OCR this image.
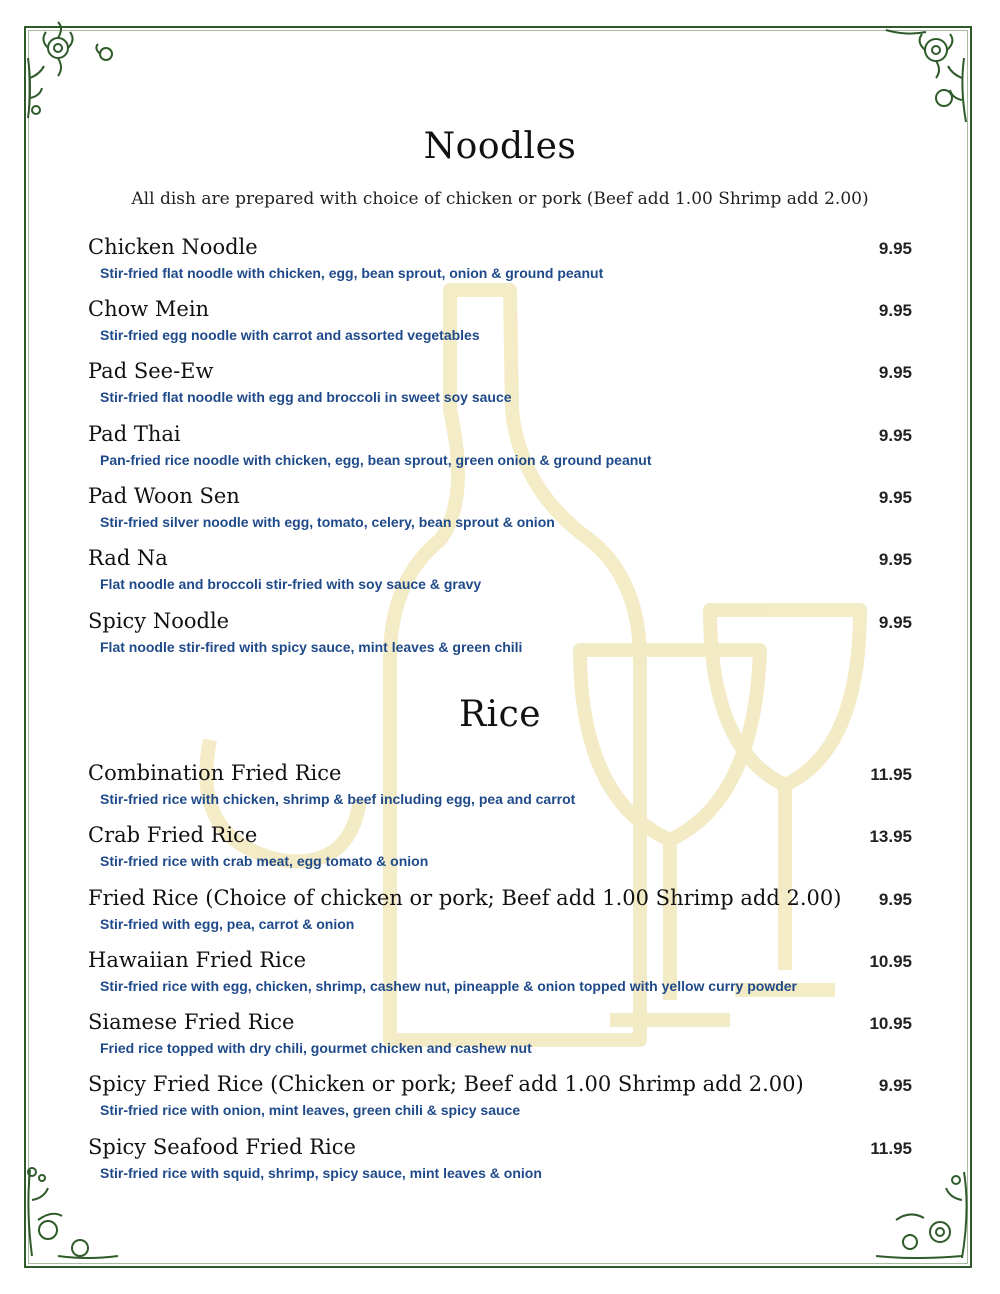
Noodles
All dish are prepared with choice of chicken or pork (Beef add 1.00 Shrimp add 2.00)
Chicken Noodle	9.95
Stir-fried flat noodle with chicken, egg, bean sprout, onion & ground peanut
Chow Mein	9.95
Stir-fried egg noodle with carrot and assorted vegetables
Pad See-Ew	9.95
Stir-fried flat noodle with egg and broccoli in sweet soy sauce
Pad Thai	9.95
Pan-fried rice noodle with chicken, egg, bean sprout, green onion & ground peanut
Pad Woon Sen	9.95
Stir-fried silver noodle with egg, tomato, celery, bean sprout & onion
Rad Na	9.95
Flat noodle and broccoli stir-fried with soy sauce & gravy
Spicy Noodle	9.95
Flat noodle stir-fired with spicy sauce, mint leaves & green chili
Rice
Combination Fried Rice	11.95
Stir-fried rice with chicken, shrimp & beef including egg, pea and carrot
Crab Fried Rice	13.95
Stir-fried rice with crab meat, egg tomato & onion
Fried Rice (Choice of chicken or pork; Beef add 1.00 Shrimp add 2.00) 9.95
Stir-fried with egg, pea, carrot & onion
Hawaiian Fried Rice	10.95
Stir-fried rice with egg, chicken, shrimp, cashew nut, pineapple & onion topped with yellow curry powder
Siamese Fried Rice	10.95
Fried rice topped with dry chili, gourmet chicken and cashew nut
Spicy Fried Rice (Chicken or pork; Beef add 1.00 Shrimp add 2.00)	9.95
Stir-fried rice with onion, mint leaves, green chili & spicy sauce
Spicy Seafood Fried Rice	11.95
Stir-fried rice with squid, shrimp, spicy sauce, mint leaves & onion
